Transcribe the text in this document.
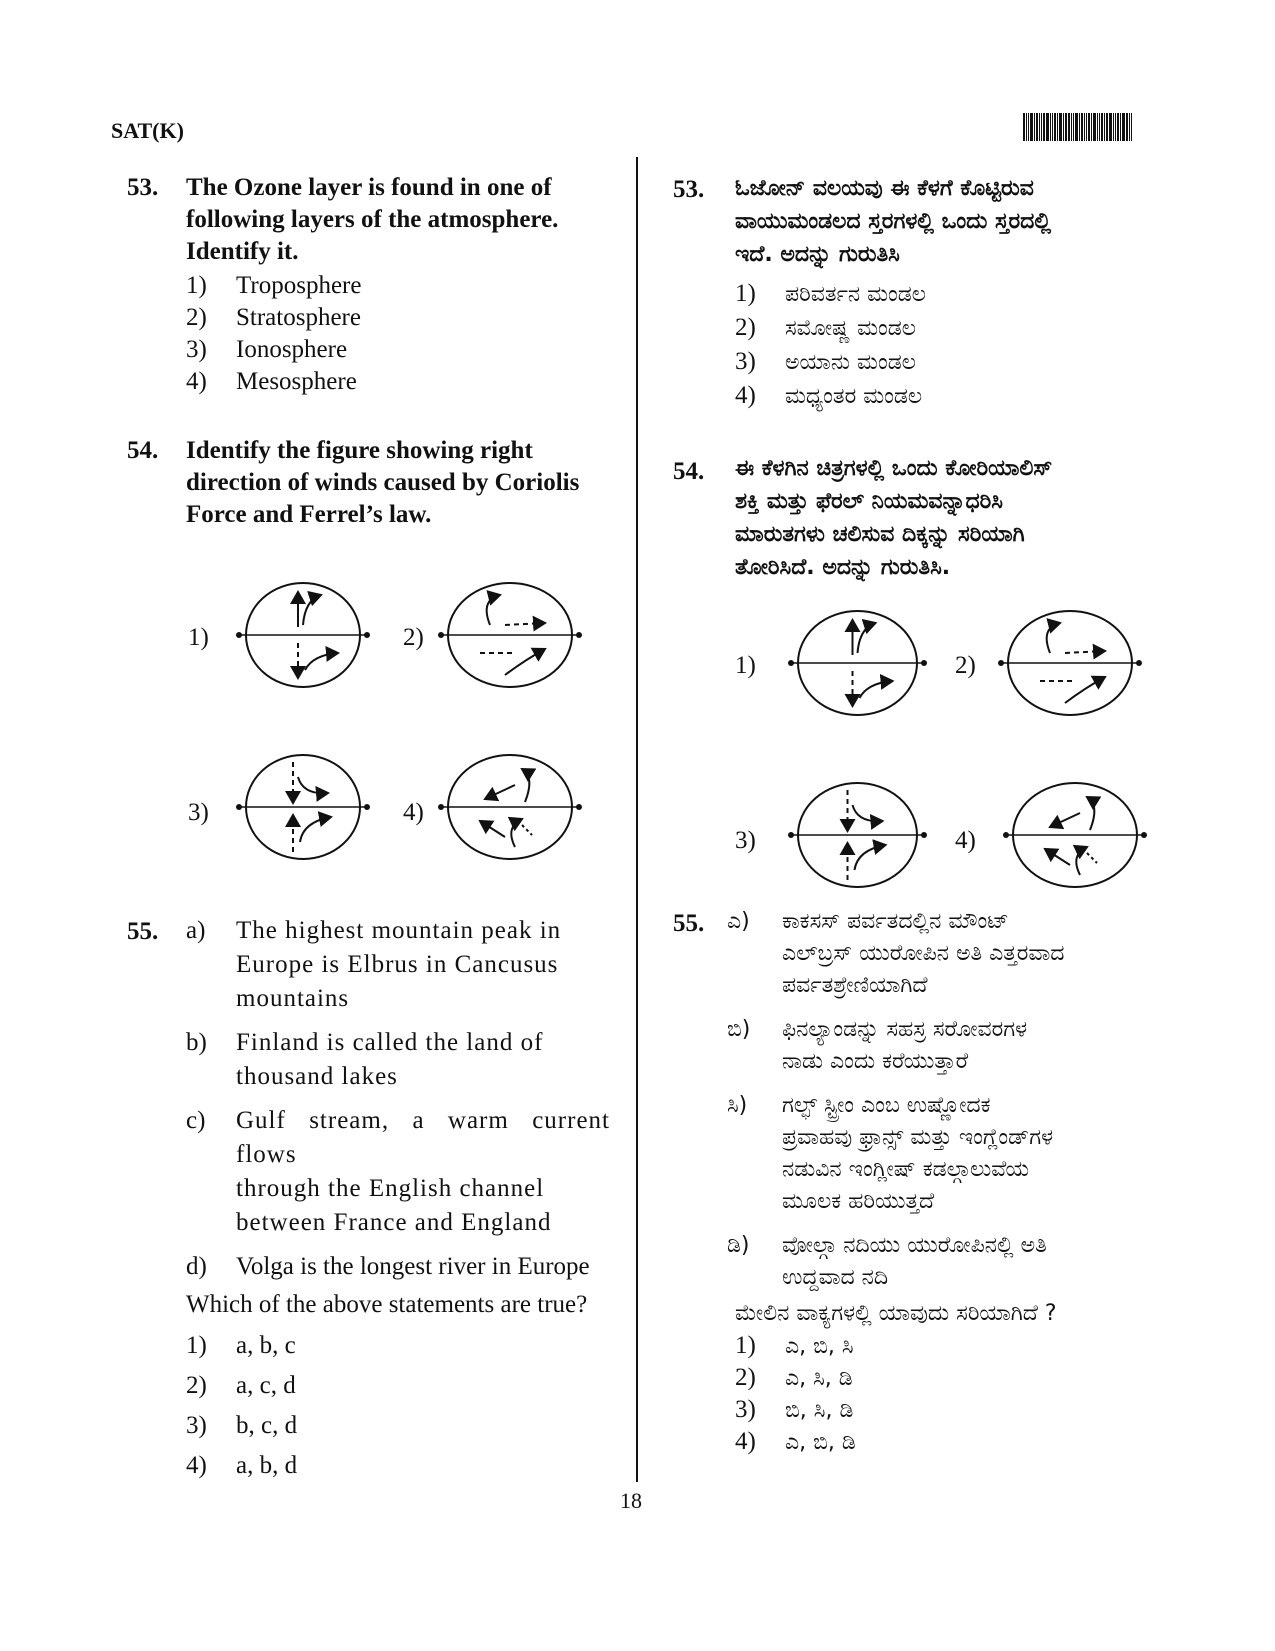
SAT(K)
53. The Ozone layer is found in one of
following layers of the atmosphere.
Identify it.
1)	Troposphere
2)	Stratosphere
3)	Ionosphere
4)	Mesosphere
54. Identify the figure showing right
direction of winds caused by Coriolis
Force and Ferrel’s law.
1)	2)
3)	4)
55. a)	The highest mountain peak in
Europe is Elbrus in Cancusus
mountains
b)	Finland is called the land of
thousand lakes
c)	Gulf stream, a warm current flows
through the English channel
between France and England
d)	Volga is the longest river in Europe
Which of the above statements are true?
1)	a, b, c
2)	a, c, d
3)	b, c, d
4)	a, b, d
53. ಓಜೋನ್ ವಲಯವು ಈ ಕೆಳಗೆ ಕೊಟ್ಟಿರುವ
ವಾಯುಮಂಡಲದ ಸ್ತರಗಳಲ್ಲಿ ಒಂದು ಸ್ತರದಲ್ಲಿ
ಇದೆ. ಅದನ್ನು ಗುರುತಿಸಿ
1)	ಪರಿವರ್ತನ ಮಂಡಲ
2)	ಸಮೋಷ್ಣ ಮಂಡಲ
3)	ಅಯಾನು ಮಂಡಲ
4)	ಮಧ್ಯಂತರ ಮಂಡಲ
54. ಈ ಕೆಳಗಿನ ಚಿತ್ರಗಳಲ್ಲಿ ಒಂದು ಕೋರಿಯಾಲಿಸ್
ಶಕ್ತಿ ಮತ್ತು ಫೆರಲ್ ನಿಯಮವನ್ನಾಧರಿಸಿ
ಮಾರುತಗಳು ಚಲಿಸುವ ದಿಕ್ಕನ್ನು ಸರಿಯಾಗಿ
ತೋರಿಸಿದೆ. ಅದನ್ನು ಗುರುತಿಸಿ.
1)	2)
3)	4)
55. ಎ)	ಕಾಕಸಸ್ ಪರ್ವತದಲ್ಲಿನ ಮೌಂಟ್
ಎಲ್‌ಬ್ರಸ್ ಯುರೋಪಿನ ಅತಿ ಎತ್ತರವಾದ
ಪರ್ವತಶ್ರೇಣಿಯಾಗಿದೆ
ಬಿ)	ಫಿನಲ್ಯಾಂಡನ್ನು ಸಹಸ್ರ ಸರೋವರಗಳ
ನಾಡು ಎಂದು ಕರೆಯುತ್ತಾರೆ
ಸಿ)	ಗಲ್ಫ್ ಸ್ಟ್ರೀಂ ಎಂಬ ಉಷ್ಣೋದಕ
ಪ್ರವಾಹವು ಫ್ರಾನ್ಸ್ ಮತ್ತು ಇಂಗ್ಲೆಂಡ್‌ಗಳ
ನಡುವಿನ ಇಂಗ್ಲೀಷ್ ಕಡಲ್ಗಾಲುವೆಯ
ಮೂಲಕ ಹರಿಯುತ್ತದೆ
ಡಿ)	ವೋಲ್ಗಾ ನದಿಯು ಯುರೋಪಿನಲ್ಲಿ ಅತಿ
ಉದ್ದವಾದ ನದಿ
ಮೇಲಿನ ವಾಕ್ಯಗಳಲ್ಲಿ ಯಾವುದು ಸರಿಯಾಗಿದೆ ?
1)	ಎ, ಬಿ, ಸಿ
2)	ಎ, ಸಿ, ಡಿ
3)	ಬಿ, ಸಿ, ಡಿ
4)	ಎ, ಬಿ, ಡಿ
18
